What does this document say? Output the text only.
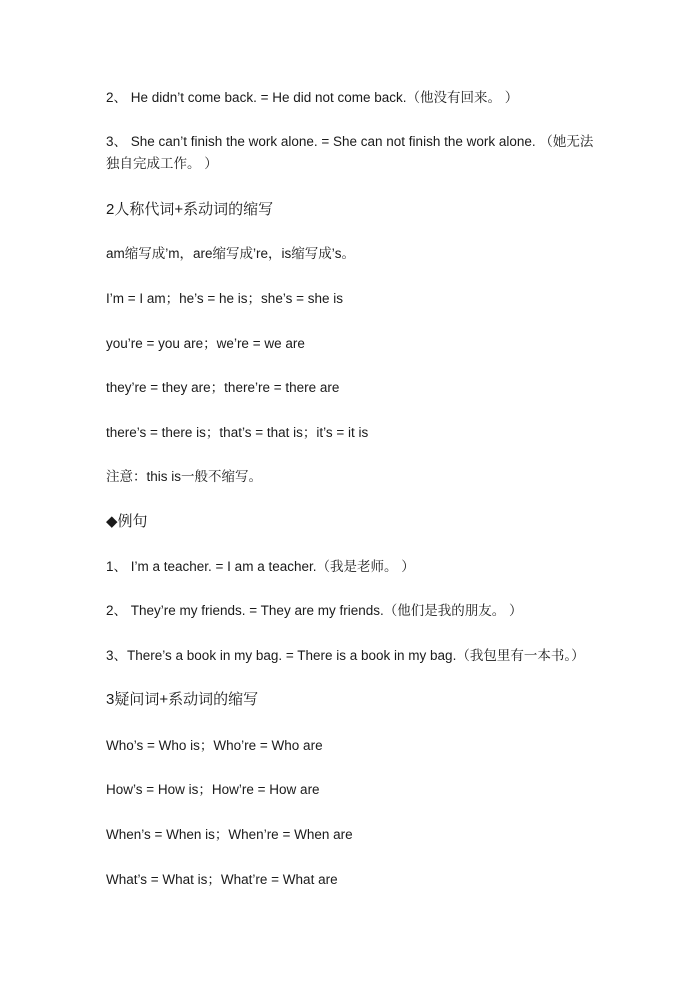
2、 He didn’t come back. = He did not come back.（他没有回来。 ）
3、 She can’t finish the work alone. = She can not finish the work alone. （她无法独自完成工作。 ）
2人称代词+系动词的缩写
am缩写成’m，are缩写成’re，is缩写成’s。
I’m = I am；he’s = he is；she’s = she is
you’re = you are；we’re = we are
they’re = they are；there’re = there are
there’s = there is；that’s = that is；it’s = it is
注意：this is一般不缩写。
◆例句
1、 I’m a teacher. = I am a teacher.（我是老师。 ）
2、 They’re my friends. = They are my friends.（他们是我的朋友。 ）
3、There’s a book in my bag. = There is a book in my bag.（我包里有一本书。）
3疑问词+系动词的缩写
Who’s = Who is；Who’re = Who are
How’s = How is；How’re = How are
When’s = When is；When’re = When are
What’s = What is；What’re = What are
